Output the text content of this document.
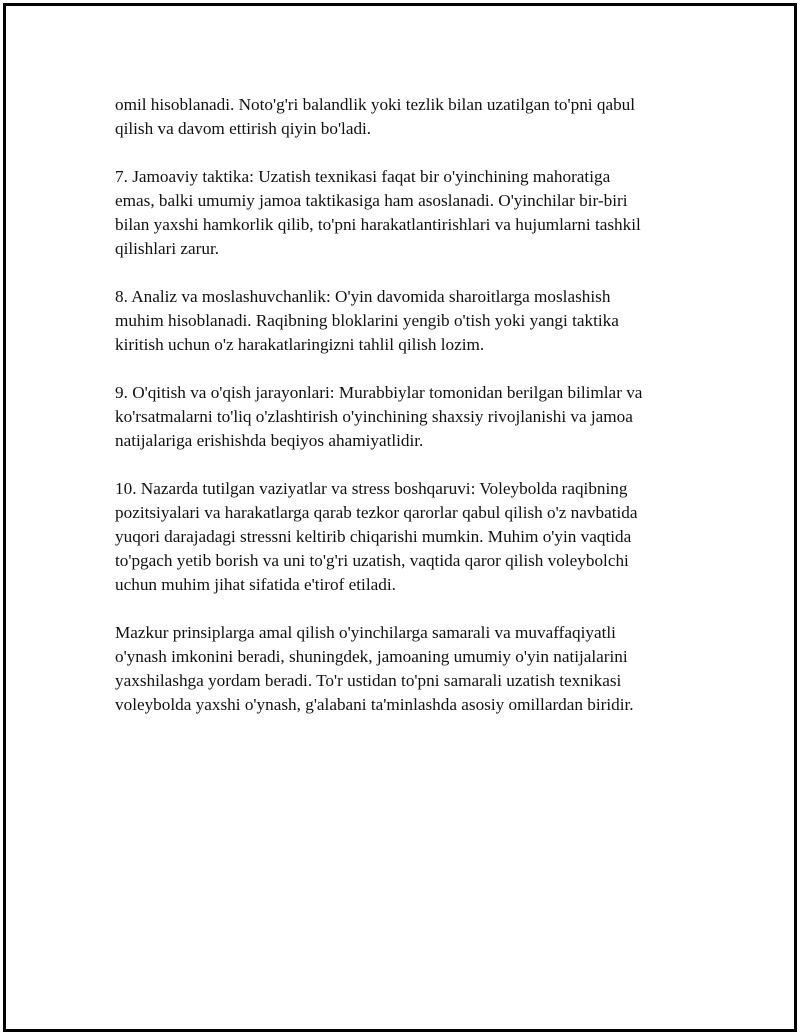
omil hisoblanadi. Noto'g'ri balandlik yoki tezlik bilan uzatilgan to'pni qabul
qilish va davom ettirish qiyin bo'ladi.

7. Jamoaviy taktika: Uzatish texnikasi faqat bir o'yinchining mahoratiga
emas, balki umumiy jamoa taktikasiga ham asoslanadi. O'yinchilar bir-biri
bilan yaxshi hamkorlik qilib, to'pni harakatlantirishlari va hujumlarni tashkil
qilishlari zarur.

8. Analiz va moslashuvchanlik: O'yin davomida sharoitlarga moslashish
muhim hisoblanadi. Raqibning bloklarini yengib o'tish yoki yangi taktika
kiritish uchun o'z harakatlaringizni tahlil qilish lozim.

9. O'qitish va o'qish jarayonlari: Murabbiylar tomonidan berilgan bilimlar va
ko'rsatmalarni to'liq o'zlashtirish o'yinchining shaxsiy rivojlanishi va jamoa
natijalariga erishishda beqiyos ahamiyatlidir.

10. Nazarda tutilgan vaziyatlar va stress boshqaruvi: Voleybolda raqibning
pozitsiyalari va harakatlarga qarab tezkor qarorlar qabul qilish o'z navbatida
yuqori darajadagi stressni keltirib chiqarishi mumkin. Muhim o'yin vaqtida
to'pgach yetib borish va uni to'g'ri uzatish, vaqtida qaror qilish voleybolchi
uchun muhim jihat sifatida e'tirof etiladi.

Mazkur prinsiplarga amal qilish o'yinchilarga samarali va muvaffaqiyatli
o'ynash imkonini beradi, shuningdek, jamoaning umumiy o'yin natijalarini
yaxshilashga yordam beradi. To'r ustidan to'pni samarali uzatish texnikasi
voleybolda yaxshi o'ynash, g'alabani ta'minlashda asosiy omillardan biridir.
